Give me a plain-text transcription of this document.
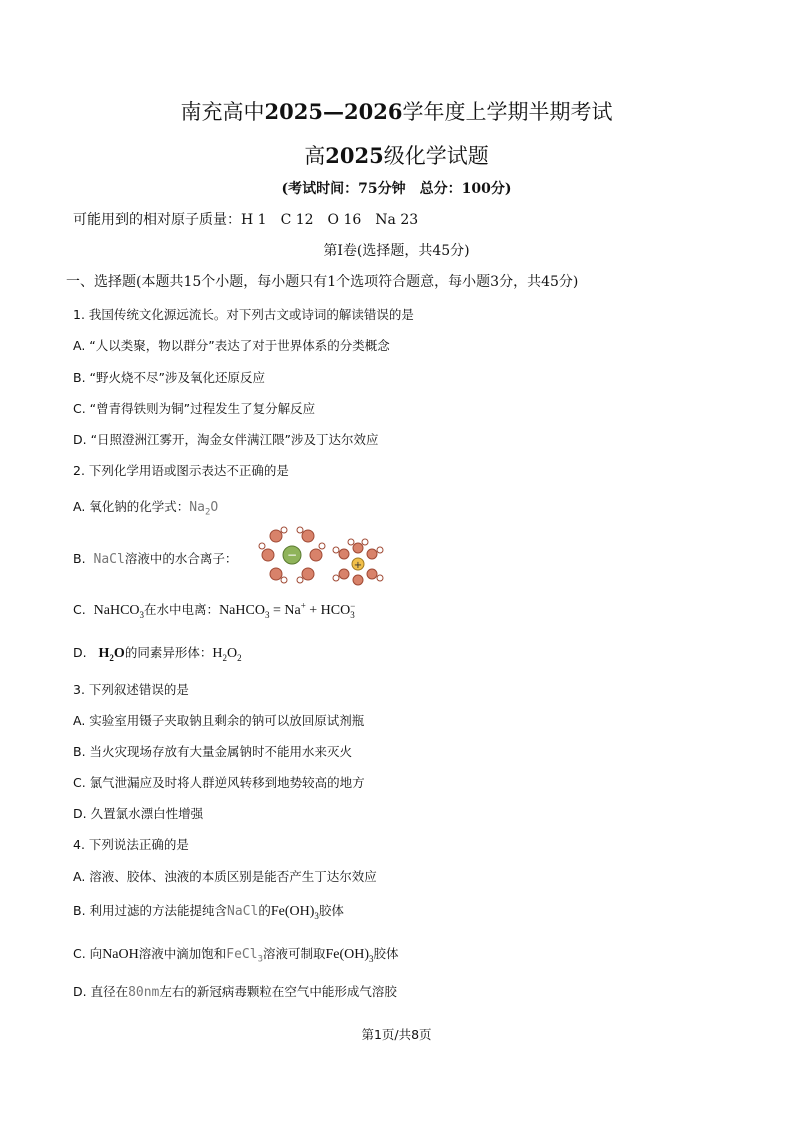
南充高中2025—2026学年度上学期半期考试
高2025级化学试题
(考试时间：75分钟　总分：100分)
可能用到的相对原子质量：H 1　C 12　O 16　Na 23
第Ⅰ卷(选择题，共45分)
一、选择题(本题共15个小题，每小题只有1个选项符合题意，每小题3分，共45分)
1. 我国传统文化源远流长。对下列古文或诗词的解读错误的是
A. “人以类聚，物以群分”表达了对于世界体系的分类概念
B. “野火烧不尽”涉及氧化还原反应
C. “曾青得铁则为铜”过程发生了复分解反应
D. “日照澄洲江雾开，淘金女伴满江隈”涉及丁达尔效应
2. 下列化学用语或图示表达不正确的是
A. 氧化钠的化学式：$Na_2O$
B. NaCl溶液中的水合离子：	−
+
C. NaHCO$_3$在水中电离：NaHCO$_3$ = Na+ + HCO −
3
D. $H_2O$的同素异形体：$H_2O_2$
3. 下列叙述错误的是
A. 实验室用镊子夹取钠且剩余的钠可以放回原试剂瓶
B. 当火灾现场存放有大量金属钠时不能用水来灭火
C. 氯气泄漏应及时将人群逆风转移到地势较高的地方
D. 久置氯水漂白性增强
4. 下列说法正确的是
A. 溶液、胶体、浊液的本质区别是能否产生丁达尔效应
B. 利用过滤的方法能提纯含NaCl的$Fe(OH)_3$胶体
C. 向NaOH溶液中滴加饱和FeCl$_3$溶液可制取$Fe(OH)_3$胶体
D. 直径在80nm左右的新冠病毒颗粒在空气中能形成气溶胶
第1页/共8页
